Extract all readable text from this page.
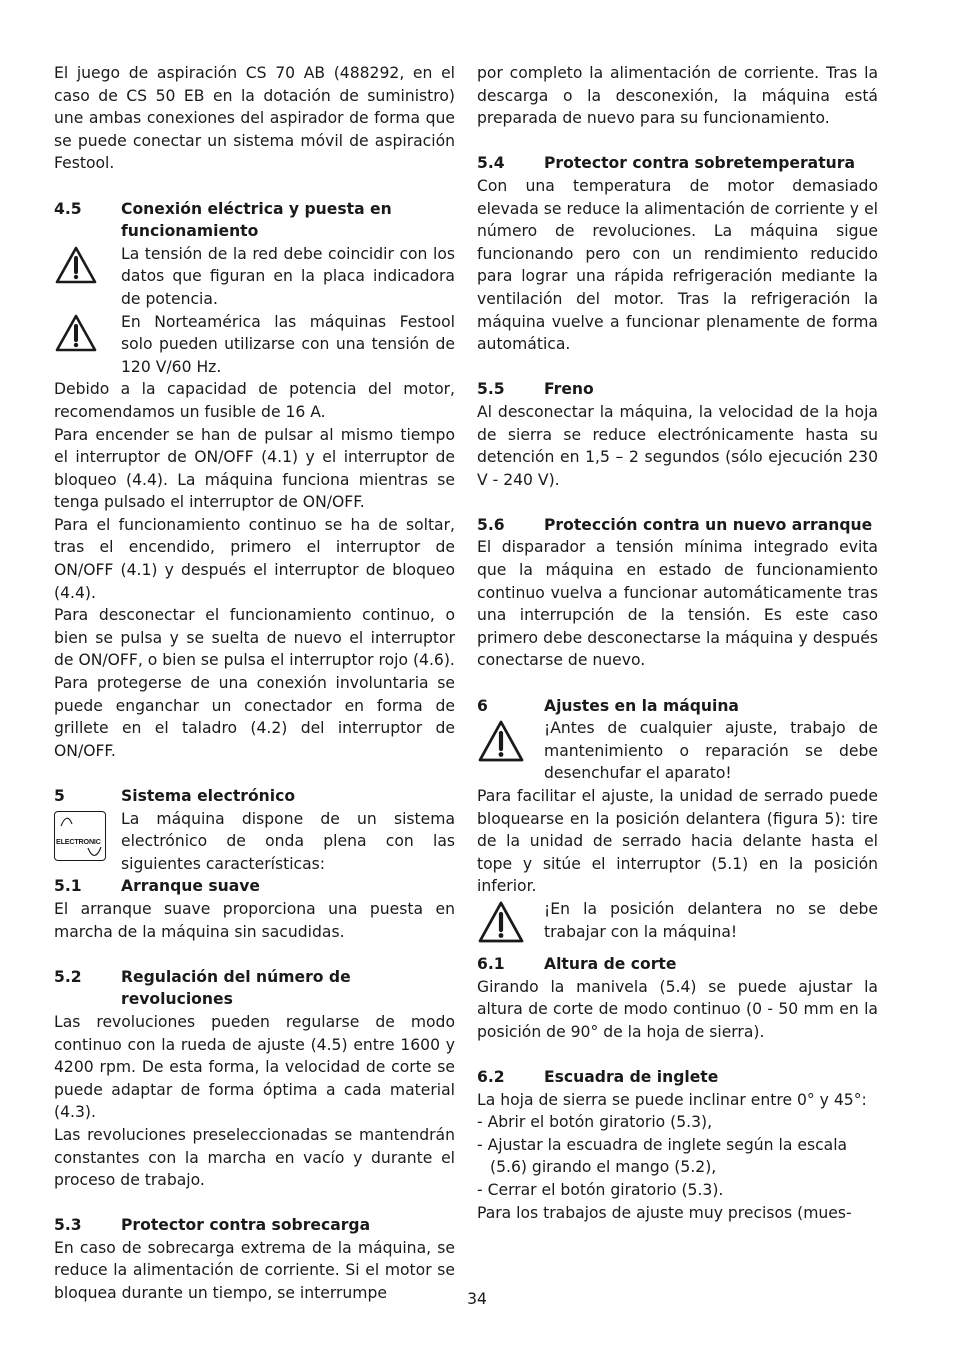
El juego de aspiración CS 70 AB (488292, en el caso de CS 50 EB en la dotación de suministro) une ambas conexiones del aspirador de forma que se puede conectar un sistema móvil de aspiración Festool.

4.5	Conexión eléctrica y puesta en funcionamiento
La tensión de la red debe coincidir con los datos que figuran en la placa indicadora de potencia.
En Norteamérica las máquinas Festool solo pueden utilizarse con una tensión de 120 V/60 Hz.

Debido a la capacidad de potencia del motor, recomendamos un fusible de 16 A.

Para encender se han de pulsar al mismo tiempo el interruptor de ON/OFF (4.1) y el interruptor de bloqueo (4.4). La máquina funciona mientras se tenga pulsado el interruptor de ON/OFF.

Para el funcionamiento continuo se ha de soltar, tras el encendido, primero el interruptor de ON/OFF (4.1) y después el interruptor de bloqueo (4.4).

Para desconectar el funcionamiento continuo, o bien se pulsa y se suelta de nuevo el interruptor de ON/OFF, o bien se pulsa el interruptor rojo (4.6).

Para protegerse de una conexión involuntaria se puede enganchar un conectador en forma de grillete en el taladro (4.2) del interruptor de ON/OFF.

5	Sistema electrónico
ELECTRONIC
La máquina dispone de un sistema electrónico de onda plena con las siguientes características:
5.1	Arranque suave

El arranque suave proporciona una puesta en marcha de la máquina sin sacudidas.

5.2	Regulación del número de revoluciones

Las revoluciones pueden regularse de modo continuo con la rueda de ajuste (4.5) entre 1600 y 4200 rpm. De esta forma, la velocidad de corte se puede adaptar de forma óptima a cada material (4.3).

Las revoluciones preseleccionadas se mantendrán constantes con la marcha en vacío y durante el proceso de trabajo.

5.3	Protector contra sobrecarga

En caso de sobrecarga extrema de la máquina, se reduce la alimentación de corriente. Si el motor se bloquea durante un tiempo, se interrumpe

por completo la alimentación de corriente. Tras la descarga o la desconexión, la máquina está preparada de nuevo para su funcionamiento.

5.4	Protector contra sobretemperatura

Con una temperatura de motor demasiado elevada se reduce la alimentación de corriente y el número de revoluciones. La máquina sigue funcionando pero con un rendimiento reducido para lograr una rápida refrigeración mediante la ventilación del motor. Tras la refrigeración la máquina vuelve a funcionar plenamente de forma automática.

5.5	Freno

Al desconectar la máquina, la velocidad de la hoja de sierra se reduce electrónicamente hasta su detención en 1,5 – 2 segundos (sólo ejecución 230 V - 240 V).

5.6	Protección contra un nuevo arranque

El disparador a tensión mínima integrado evita que la máquina en estado de funcionamiento continuo vuelva a funcionar automáticamente tras una interrupción de la tensión. Es este caso primero debe desconectarse la máquina y después conectarse de nuevo.

6	Ajustes en la máquina
¡Antes de cualquier ajuste, trabajo de mantenimiento o reparación se debe desenchufar el aparato!

Para facilitar el ajuste, la unidad de serrado puede bloquearse en la posición delantera (figura 5): tire de la unidad de serrado hacia delante hasta el tope y sitúe el interruptor (5.1) en la posición inferior.

¡En la posición delantera no se debe trabajar con la máquina!
6.1	Altura de corte

Girando la manivela (5.4) se puede ajustar la altura de corte de modo continuo (0 - 50 mm en la posición de 90° de la hoja de sierra).

6.2	Escuadra de inglete

La hoja de sierra se puede inclinar entre 0° y 45°:

- Abrir el botón giratorio (5.3),
- Ajustar la escuadra de inglete según la escala (5.6) girando el mango (5.2),
- Cerrar el botón giratorio (5.3).

Para los trabajos de ajuste muy precisos (mues-

34
